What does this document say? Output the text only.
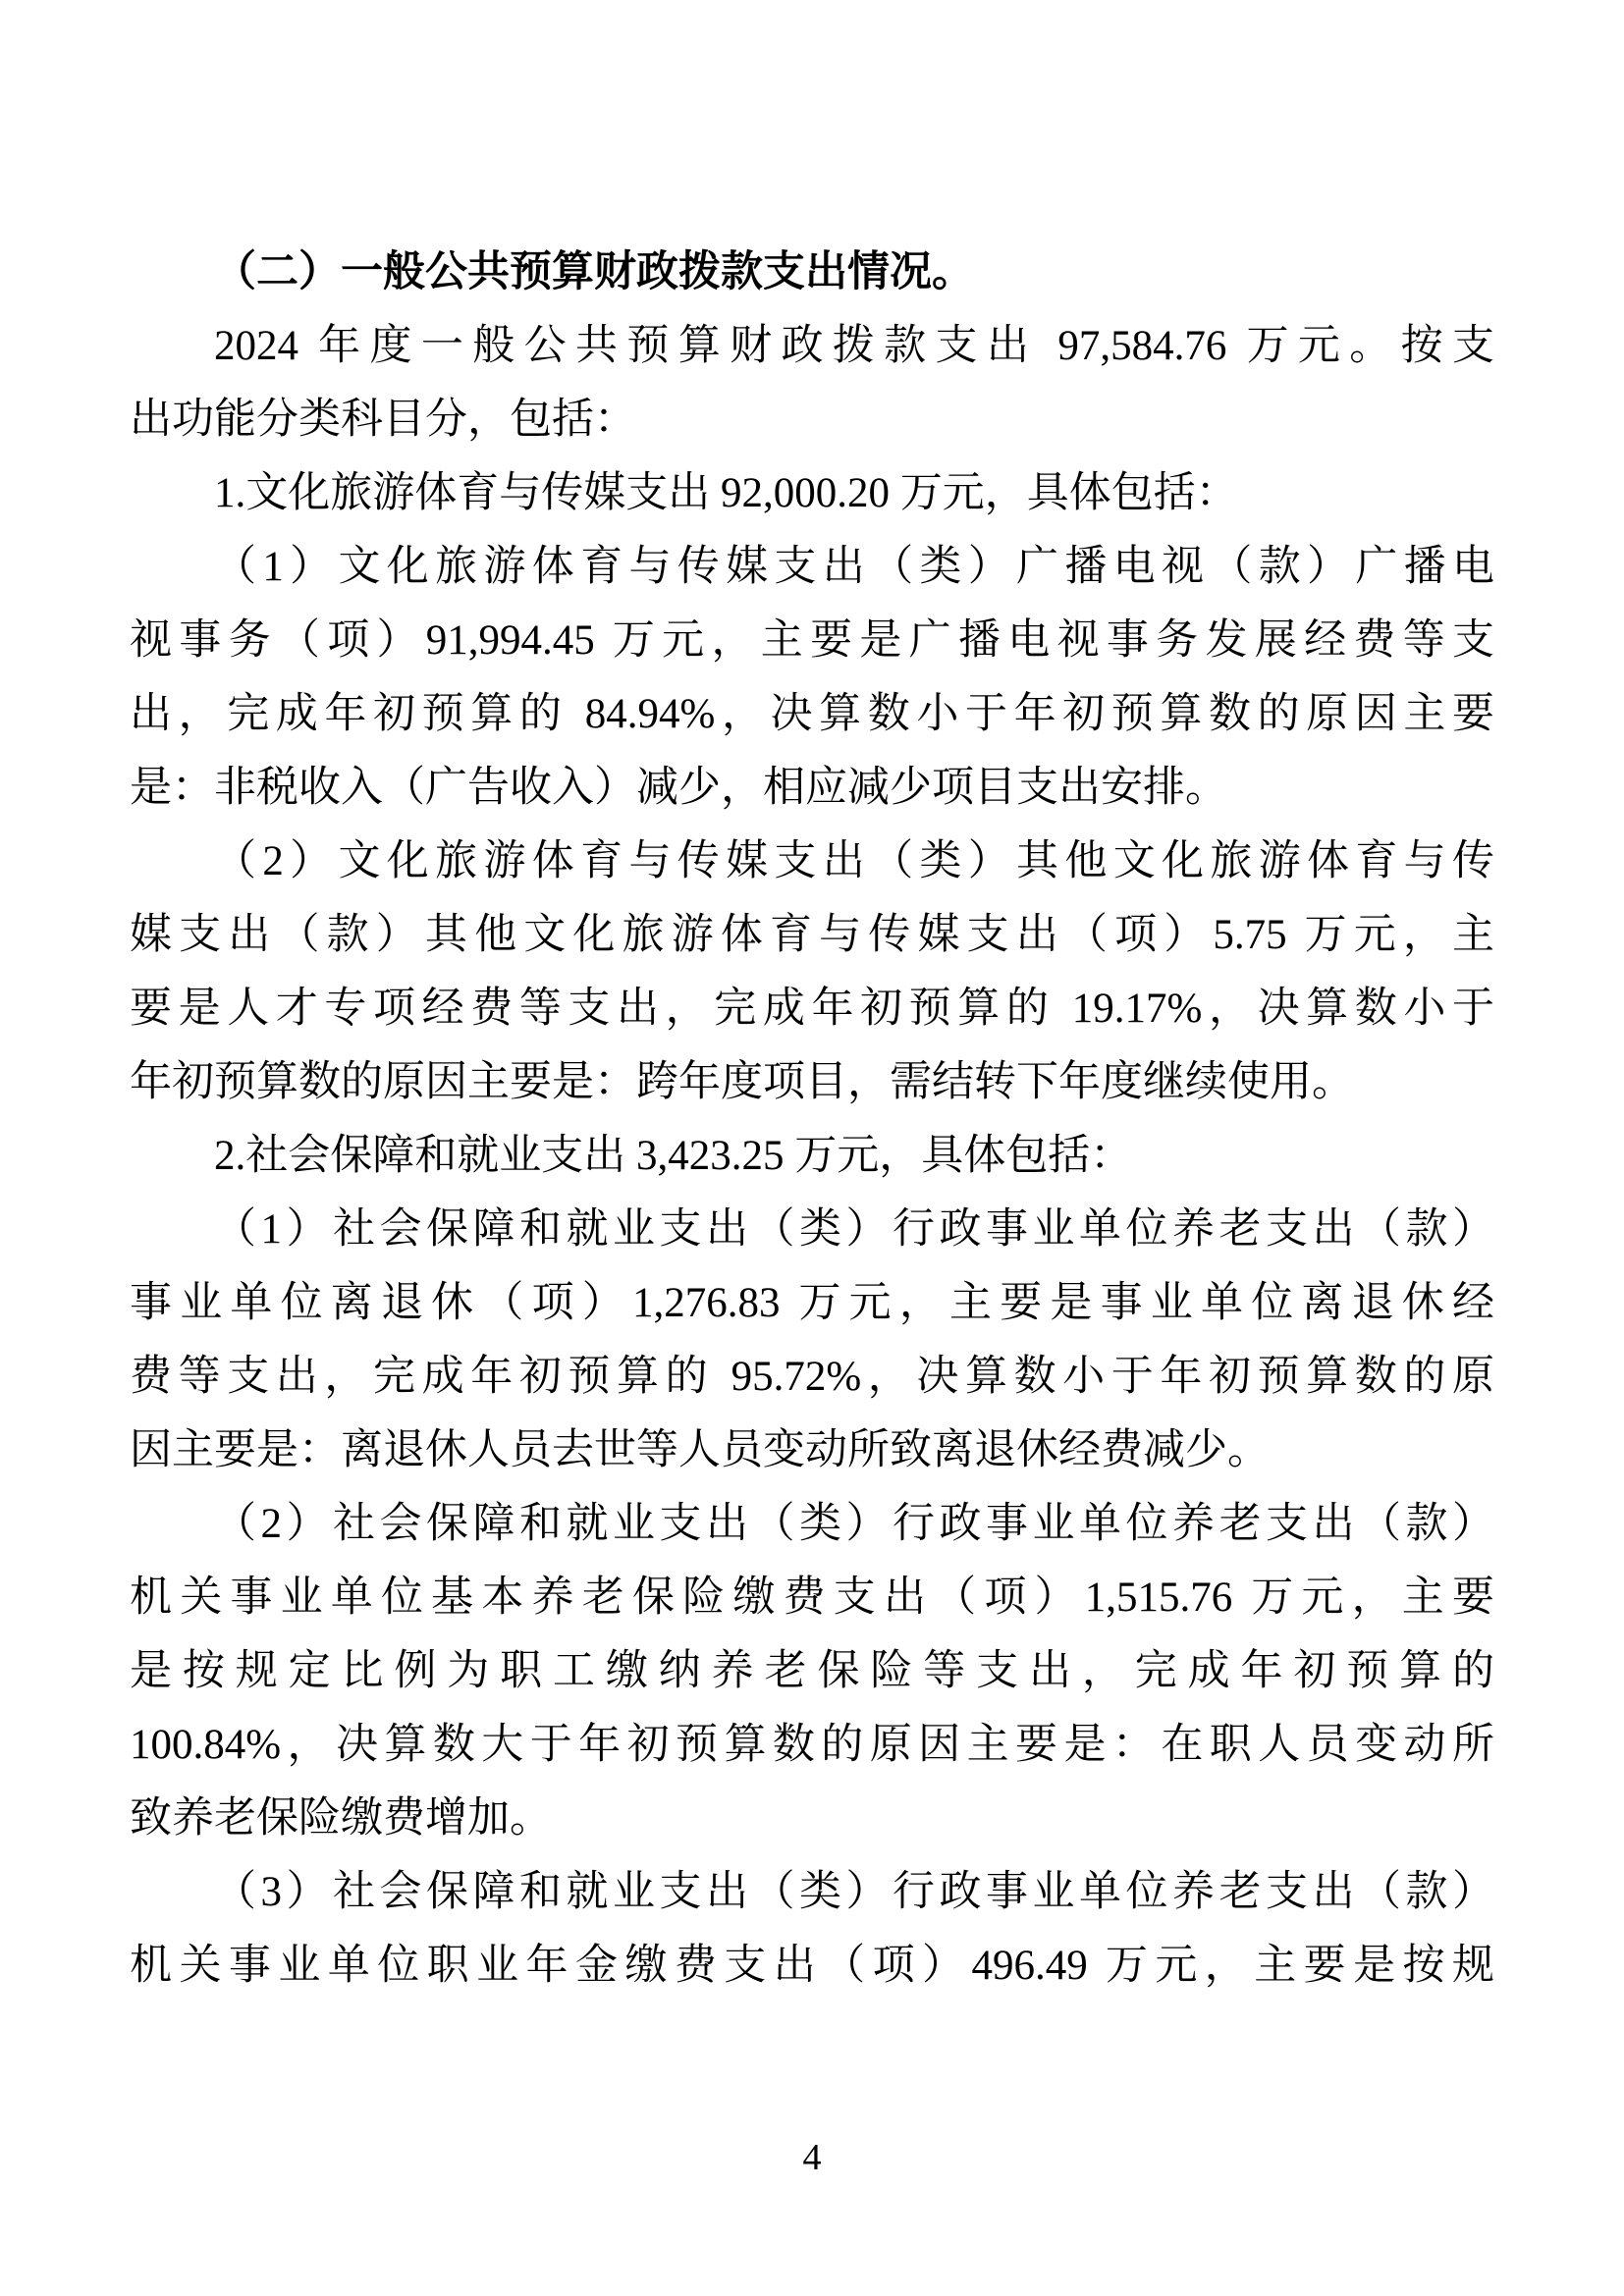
（二）一般公共预算财政拨款支出情况。
2024 年度一般公共预算财政拨款支出 97,584.76 万元。按支
出功能分类科目分，包括：
1.文化旅游体育与传媒支出 92,000.20 万元，具体包括：
（1）文化旅游体育与传媒支出（类）广播电视（款）广播电
视事务（项）91,994.45 万元，主要是广播电视事务发展经费等支
出，完成年初预算的 84.94%，决算数小于年初预算数的原因主要
是：非税收入（广告收入）减少，相应减少项目支出安排。
（2）文化旅游体育与传媒支出（类）其他文化旅游体育与传
媒支出（款）其他文化旅游体育与传媒支出（项）5.75 万元，主
要是人才专项经费等支出，完成年初预算的 19.17%，决算数小于
年初预算数的原因主要是：跨年度项目，需结转下年度继续使用。
2.社会保障和就业支出 3,423.25 万元，具体包括：
（1）社会保障和就业支出（类）行政事业单位养老支出（款）
事业单位离退休（项）1,276.83 万元，主要是事业单位离退休经
费等支出，完成年初预算的 95.72%，决算数小于年初预算数的原
因主要是：离退休人员去世等人员变动所致离退休经费减少。
（2）社会保障和就业支出（类）行政事业单位养老支出（款）
机关事业单位基本养老保险缴费支出（项）1,515.76 万元，主要
是按规定比例为职工缴纳养老保险等支出，完成年初预算的
100.84%，决算数大于年初预算数的原因主要是：在职人员变动所
致养老保险缴费增加。
（3）社会保障和就业支出（类）行政事业单位养老支出（款）
机关事业单位职业年金缴费支出（项）496.49 万元，主要是按规
4
